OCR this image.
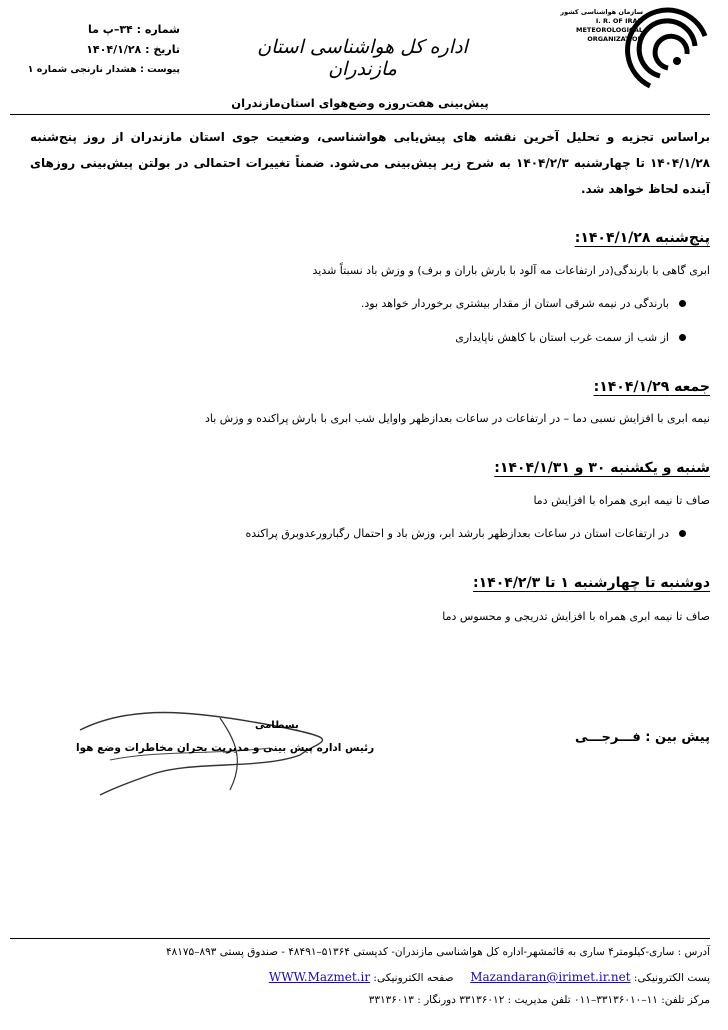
سازمان هواشناسی کشور
I. R. OF IRAN
METEOROLOGICAL
ORGANIZATION
اداره کل هواشناسی استان مازندران
شماره : ۳۴–پ ما
تاریخ : ۱۴۰۴/۱/۲۸
پیوست : هشدار نارنجی شماره ۱
پیش‌بینی هفت‌روزه وضع‌هوای استان‌مازندران
براساس تجزیه و تحلیل آخرین نقشه های پیش‌یابی هواشناسی، وضعیت جوی استان مازندران از روز پنج‌شنبه ۱۴۰۴/۱/۲۸ تا چهارشنبه ۱۴۰۴/۲/۳ به شرح زیر پیش‌بینی می‌شود. ضمناً تغییرات احتمالی در بولتن پیش‌بینی روزهای آینده لحاظ خواهد شد.
پنج‌شنبه ۱۴۰۴/۱/۲۸:
ابری گاهی با بارندگی(در ارتفاعات مه آلود با بارش باران و برف) و وزش باد نسبتاً شدید
بارندگی در نیمه شرقی استان از مقدار بیشتری برخوردار خواهد بود.
از شب از سمت غرب استان با کاهش ناپایداری
جمعه ۱۴۰۴/۱/۲۹:
نیمه ابری با افزایش نسبی دما – در ارتفاعات در ساعات بعدازظهر واوایل شب ابری با بارش پراکنده و وزش باد
شنبه و یکشنبه ۳۰ و ۱۴۰۴/۱/۳۱:
صاف تا نیمه ابری همراه با افزایش دما
در ارتفاعات استان در ساعات بعدازظهر بارشد ابر، وزش باد و احتمال رگبارورعدوبرق پراکنده
دوشنبه تا چهارشنبه ۱ تا ۱۴۰۴/۲/۳:
صاف تا نیمه ابری همراه با افزایش تدریجی و محسوس دما
بسطامی
رئیس اداره پیش بینی و مدیریت بحران مخاطرات وضع هوا
پیش بین : فـــرجـــی
آدرس : ساری-کیلومتر۴ ساری به قائمشهر-اداره کل هواشناسی مازندران- کدپستی ۵۱۳۶۴–۴۸۴۹۱ - صندوق پستی ۸۹۳–۴۸۱۷۵
پست الکترونیکی: Mazandaran@irimet.ir.net     صفحه الکترونیکی: WWW.Mazmet.ir
مرکز تلفن: ۱۱–۳۳۱۳۶۰۱۰–۰۱۱ تلفن مدیریت : ۳۳۱۳۶۰۱۲ دورنگار : ۳۳۱۳۶۰۱۳
